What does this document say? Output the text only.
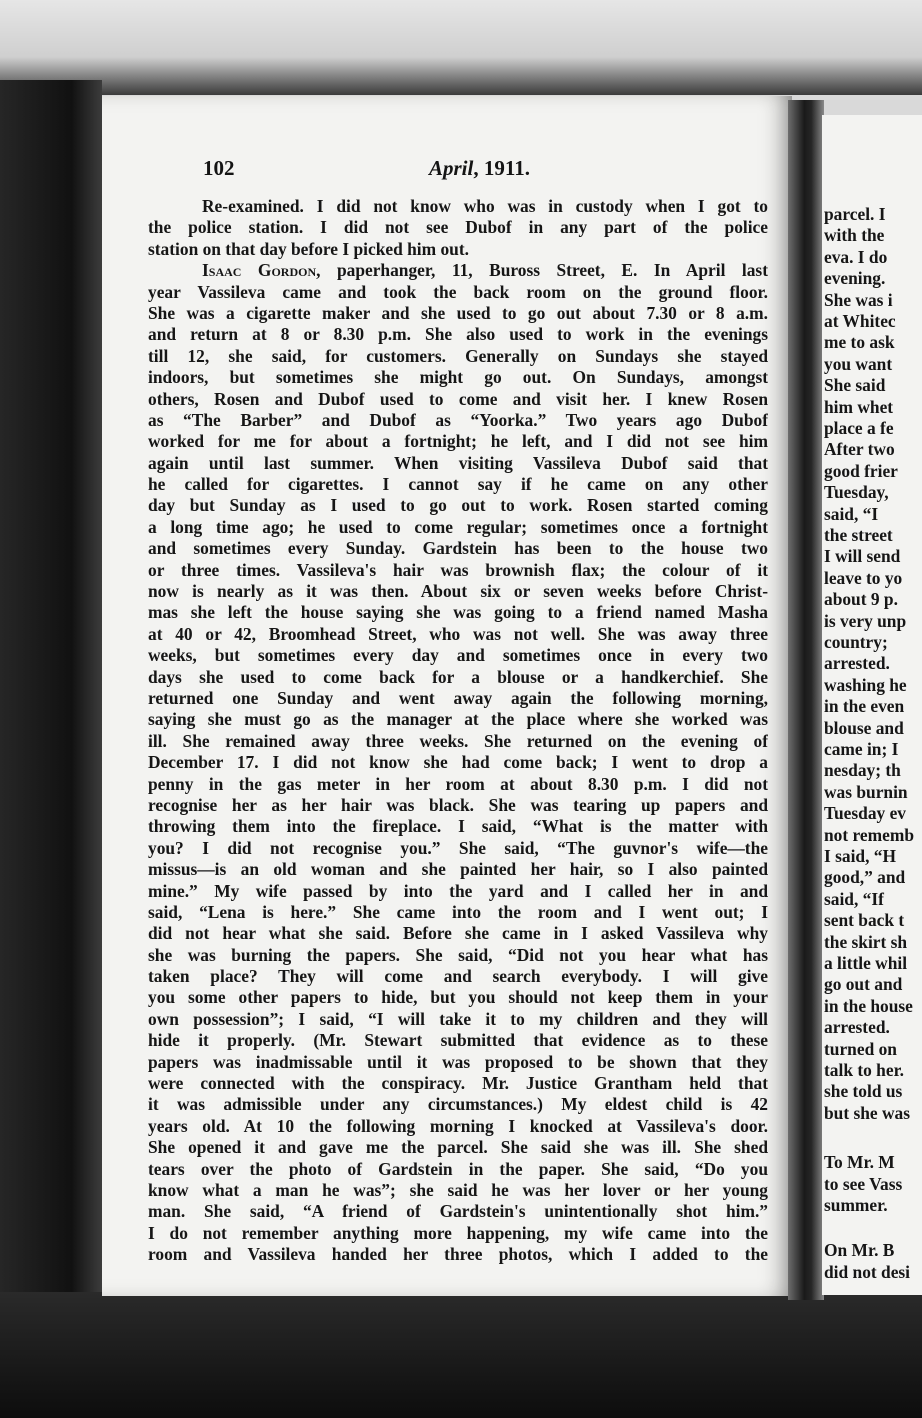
102	April, 1911.
Re-examined. I did not know who was in custody when I got to
the police station. I did not see Dubof in any part of the police
station on that day before I picked him out.
Isaac Gordon, paperhanger, 11, Buross Street, E. In April last
year Vassileva came and took the back room on the ground floor.
She was a cigarette maker and she used to go out about 7.30 or 8 a.m.
and return at 8 or 8.30 p.m. She also used to work in the evenings
till 12, she said, for customers. Generally on Sundays she stayed
indoors, but sometimes she might go out. On Sundays, amongst
others, Rosen and Dubof used to come and visit her. I knew Rosen
as “The Barber” and Dubof as “Yoorka.” Two years ago Dubof
worked for me for about a fortnight; he left, and I did not see him
again until last summer. When visiting Vassileva Dubof said that
he called for cigarettes. I cannot say if he came on any other
day but Sunday as I used to go out to work. Rosen started coming
a long time ago; he used to come regular; sometimes once a fortnight
and sometimes every Sunday. Gardstein has been to the house two
or three times. Vassileva's hair was brownish flax; the colour of it
now is nearly as it was then. About six or seven weeks before Christ-
mas she left the house saying she was going to a friend named Masha
at 40 or 42, Broomhead Street, who was not well. She was away three
weeks, but sometimes every day and sometimes once in every two
days she used to come back for a blouse or a handkerchief. She
returned one Sunday and went away again the following morning,
saying she must go as the manager at the place where she worked was
ill. She remained away three weeks. She returned on the evening of
December 17. I did not know she had come back; I went to drop a
penny in the gas meter in her room at about 8.30 p.m. I did not
recognise her as her hair was black. She was tearing up papers and
throwing them into the fireplace. I said, “What is the matter with
you? I did not recognise you.” She said, “The guvnor's wife—the
missus—is an old woman and she painted her hair, so I also painted
mine.” My wife passed by into the yard and I called her in and
said, “Lena is here.” She came into the room and I went out; I
did not hear what she said. Before she came in I asked Vassileva why
she was burning the papers. She said, “Did not you hear what has
taken place? They will come and search everybody. I will give
you some other papers to hide, but you should not keep them in your
own possession”; I said, “I will take it to my children and they will
hide it properly. (Mr. Stewart submitted that evidence as to these
papers was inadmissable until it was proposed to be shown that they
were connected with the conspiracy. Mr. Justice Grantham held that
it was admissible under any circumstances.) My eldest child is 42
years old. At 10 the following morning I knocked at Vassileva's door.
She opened it and gave me the parcel. She said she was ill. She shed
tears over the photo of Gardstein in the paper. She said, “Do you
know what a man he was”; she said he was her lover or her young
man. She said, “A friend of Gardstein's unintentionally shot him.”
I do not remember anything more happening, my wife came into the
room and Vassileva handed her three photos, which I added to the
parcel. I
with the
eva. I do
evening.
She was i
at Whitec
me to ask
you want
She said
him whet
place a fe
After two
good frier
Tuesday,
said, “I
the street
I will send
leave to yo
about 9 p.
is very unp
country;
arrested.
washing he
in the even
blouse and
came in; I
nesday; th
was burnin
Tuesday ev
not rememb
I said, “H
good,” and
said, “If
sent back t
the skirt sh
a little whil
go out and
in the house
arrested.
turned on
talk to her.
she told us
but she was
To Mr. M
to see Vass
summer.
On Mr. B
did not desi
